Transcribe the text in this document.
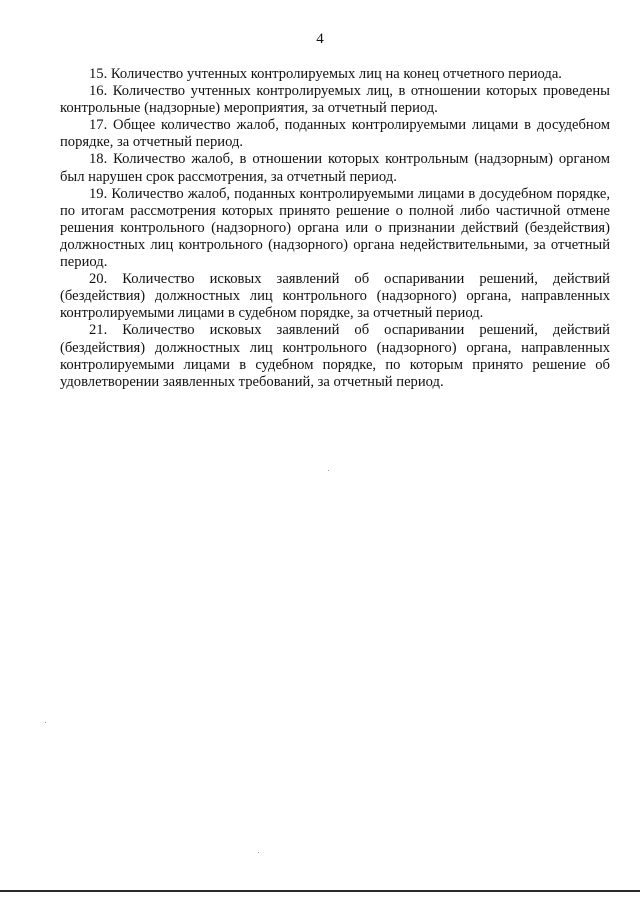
4

15. Количество учтенных контролируемых лиц на конец отчетного периода.

16. Количество учтенных контролируемых лиц, в отношении которых проведены контрольные (надзорные) мероприятия, за отчетный период.

17. Общее количество жалоб, поданных контролируемыми лицами в досудебном порядке, за отчетный период.

18. Количество жалоб, в отношении которых контрольным (надзорным) органом был нарушен срок рассмотрения, за отчетный период.

19. Количество жалоб, поданных контролируемыми лицами в досудебном порядке, по итогам рассмотрения которых принято решение о полной либо частичной отмене решения контрольного (надзорного) органа или о признании действий (бездействия) должностных лиц контрольного (надзорного) органа недействительными, за отчетный период.

20. Количество исковых заявлений об оспаривании решений, действий (бездействия) должностных лиц контрольного (надзорного) органа, направленных контролируемыми лицами в судебном порядке, за отчетный период.

21. Количество исковых заявлений об оспаривании решений, действий (бездействия) должностных лиц контрольного (надзорного) органа, направленных контролируемыми лицами в судебном порядке, по которым принято решение об удовлетворении заявленных требований, за отчетный период.
